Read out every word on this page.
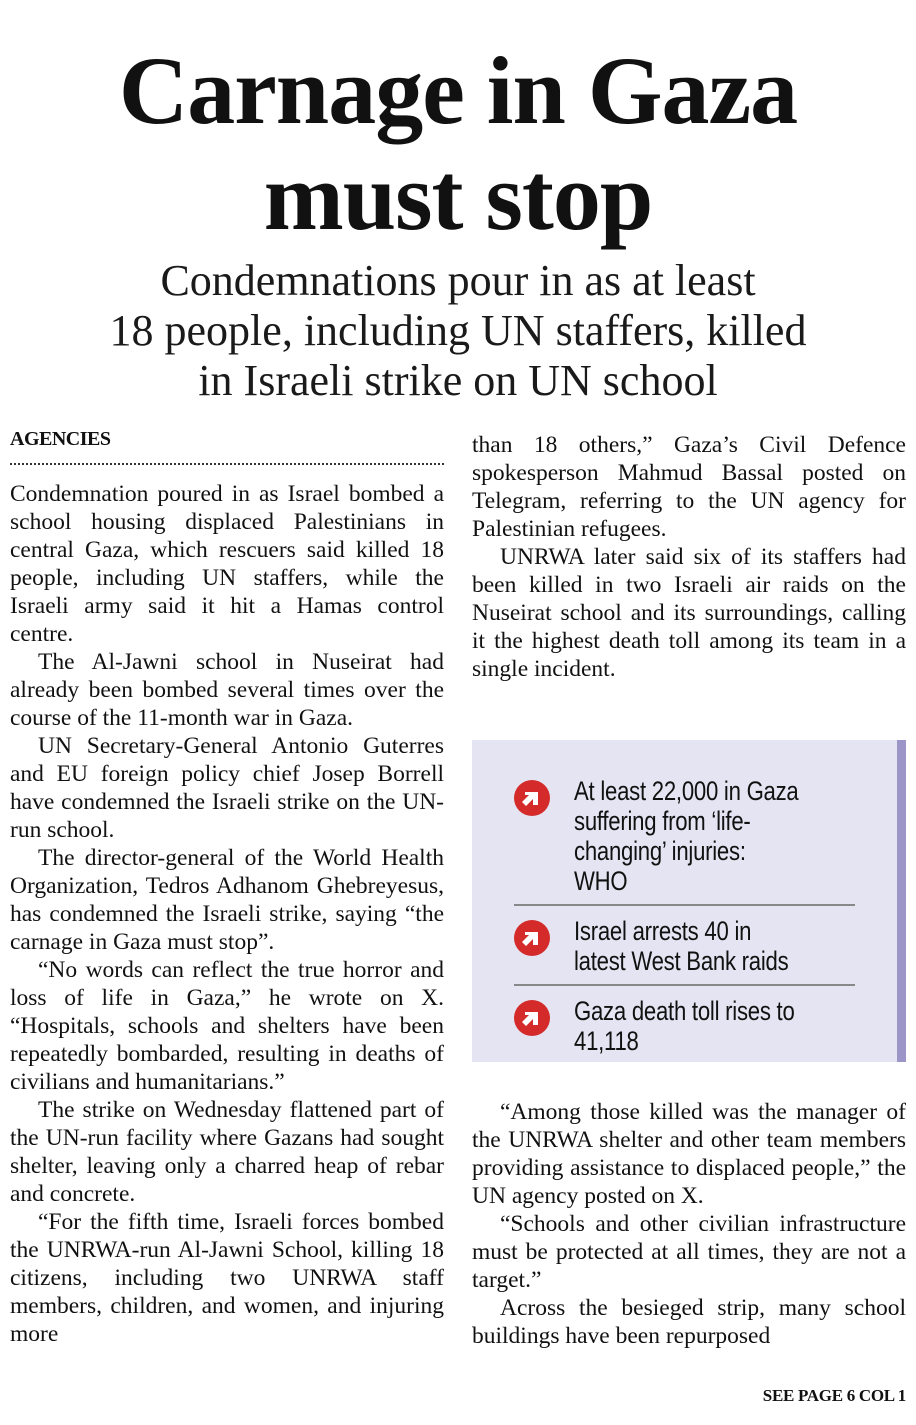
Carnage in Gaza
must stop
Condemnations pour in as at least
18 people, including UN staffers, killed
in Israeli strike on UN school
AGENCIES

Condemnation poured in as Israel bombed a school housing displaced Palestinians in central Gaza, which rescuers said killed 18 people, including UN staffers, while the Israeli army said it hit a Hamas control centre.

The Al-Jawni school in Nuseirat had already been bombed several times over the course of the 11-month war in Gaza.

UN Secretary-General Antonio Guterres and EU foreign policy chief Josep Borrell have condemned the Israeli strike on the UN-run school.

The director-general of the World Health Organization, Tedros Adhanom Ghebreyesus, has condemned the Israeli strike, saying “the carnage in Gaza must stop”.

“No words can reflect the true horror and loss of life in Gaza,” he wrote on X. “Hospitals, schools and shelters have been repeatedly bombarded, resulting in deaths of civilians and humanitarians.”

The strike on Wednesday flattened part of the UN-run facility where Gazans had sought shelter, leaving only a charred heap of rebar and concrete.

“For the fifth time, Israeli forces bombed the UNRWA-run Al-Jawni School, killing 18 citizens, including two UNRWA staff members, children, and women, and injuring more

than 18 others,” Gaza’s Civil Defence spokesperson Mahmud Bassal posted on Telegram, referring to the UN agency for Palestinian refugees.

UNRWA later said six of its staffers had been killed in two Israeli air raids on the Nuseirat school and its surroundings, calling it the highest death toll among its team in a single incident.

At least 22,000 in Gaza suffering from ‘life-changing’ injuries: WHO
Israel arrests 40 in latest West Bank raids
Gaza death toll rises to 41,118

“Among those killed was the manager of the UNRWA shelter and other team members providing assistance to displaced people,” the UN agency posted on X.

“Schools and other civilian infrastructure must be protected at all times, they are not a target.”

Across the besieged strip, many school buildings have been repurposed

SEE PAGE 6 COL 1
